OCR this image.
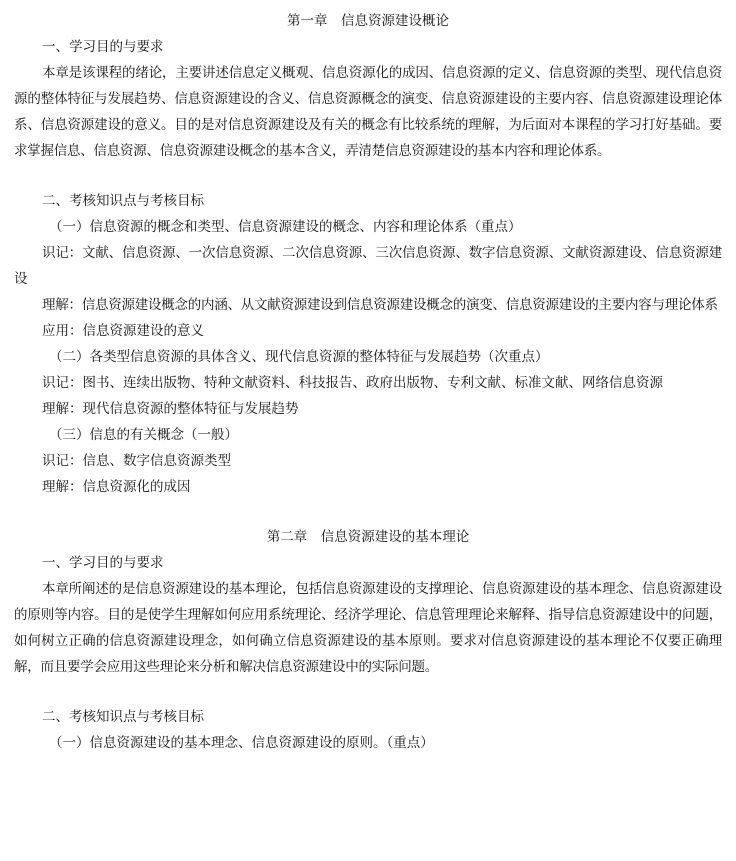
第一章　信息资源建设概论

一、学习目的与要求

本章是该课程的绪论，主要讲述信息定义概观、信息资源化的成因、信息资源的定义、信息资源的类型、现代信息资源的整体特征与发展趋势、信息资源建设的含义、信息资源概念的演变、信息资源建设的主要内容、信息资源建设理论体系、信息资源建设的意义。目的是对信息资源建设及有关的概念有比较系统的理解，为后面对本课程的学习打好基础。要求掌握信息、信息资源、信息资源建设概念的基本含义，弄清楚信息资源建设的基本内容和理论体系。

二、考核知识点与考核目标

（一）信息资源的概念和类型、信息资源建设的概念、内容和理论体系（重点）

识记：文献、信息资源、一次信息资源、二次信息资源、三次信息资源、数字信息资源、文献资源建设、信息资源建设

理解：信息资源建设概念的内涵、从文献资源建设到信息资源建设概念的演变、信息资源建设的主要内容与理论体系

应用：信息资源建设的意义

（二）各类型信息资源的具体含义、现代信息资源的整体特征与发展趋势（次重点）

识记：图书、连续出版物、特种文献资料、科技报告、政府出版物、专利文献、标准文献、网络信息资源

理解：现代信息资源的整体特征与发展趋势

（三）信息的有关概念（一般）

识记：信息、数字信息资源类型

理解：信息资源化的成因

第二章　信息资源建设的基本理论

一、学习目的与要求

本章所阐述的是信息资源建设的基本理论，包括信息资源建设的支撑理论、信息资源建设的基本理念、信息资源建设的原则等内容。目的是使学生理解如何应用系统理论、经济学理论、信息管理理论来解释、指导信息资源建设中的问题，如何树立正确的信息资源建设理念，如何确立信息资源建设的基本原则。要求对信息资源建设的基本理论不仅要正确理解，而且要学会应用这些理论来分析和解决信息资源建设中的实际问题。

二、考核知识点与考核目标

（一）信息资源建设的基本理念、信息资源建设的原则。（重点）
